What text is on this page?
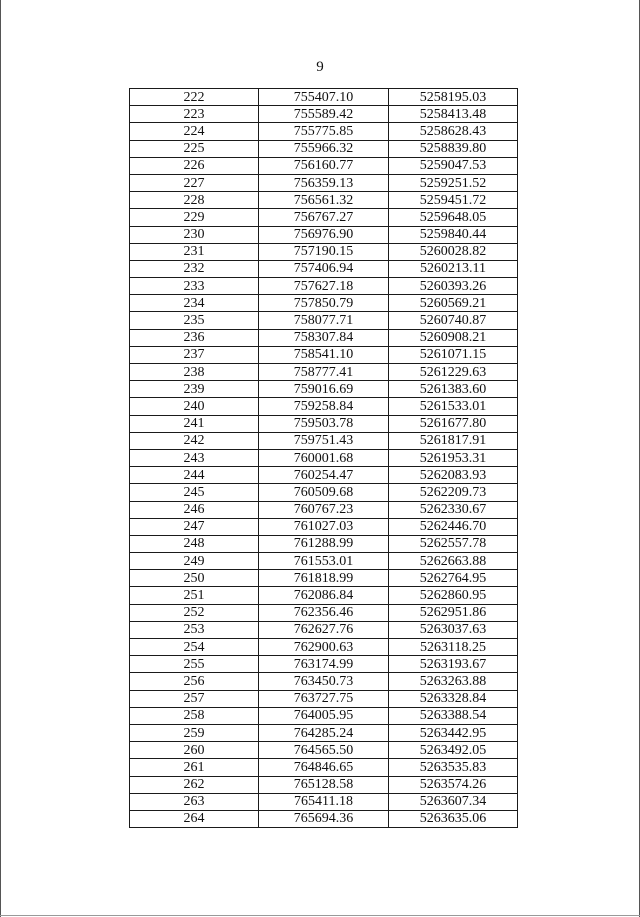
9
222	755407.10	5258195.03
223	755589.42	5258413.48
224	755775.85	5258628.43
225	755966.32	5258839.80
226	756160.77	5259047.53
227	756359.13	5259251.52
228	756561.32	5259451.72
229	756767.27	5259648.05
230	756976.90	5259840.44
231	757190.15	5260028.82
232	757406.94	5260213.11
233	757627.18	5260393.26
234	757850.79	5260569.21
235	758077.71	5260740.87
236	758307.84	5260908.21
237	758541.10	5261071.15
238	758777.41	5261229.63
239	759016.69	5261383.60
240	759258.84	5261533.01
241	759503.78	5261677.80
242	759751.43	5261817.91
243	760001.68	5261953.31
244	760254.47	5262083.93
245	760509.68	5262209.73
246	760767.23	5262330.67
247	761027.03	5262446.70
248	761288.99	5262557.78
249	761553.01	5262663.88
250	761818.99	5262764.95
251	762086.84	5262860.95
252	762356.46	5262951.86
253	762627.76	5263037.63
254	762900.63	5263118.25
255	763174.99	5263193.67
256	763450.73	5263263.88
257	763727.75	5263328.84
258	764005.95	5263388.54
259	764285.24	5263442.95
260	764565.50	5263492.05
261	764846.65	5263535.83
262	765128.58	5263574.26
263	765411.18	5263607.34
264	765694.36	5263635.06
